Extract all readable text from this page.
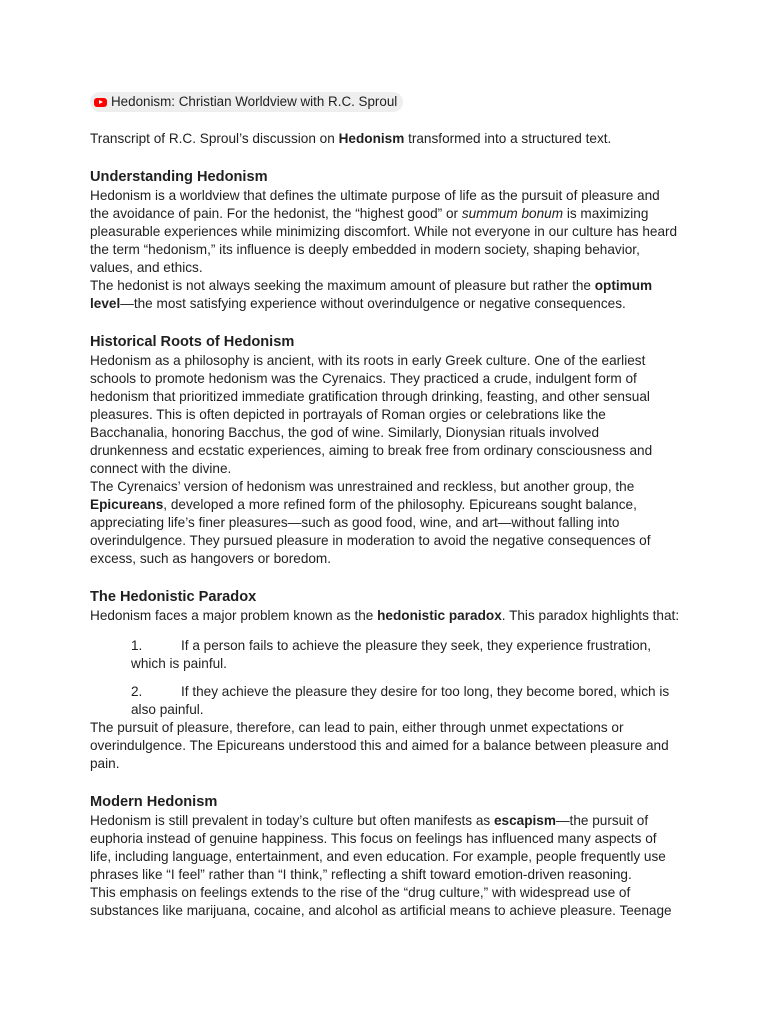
Hedonism: Christian Worldview with R.C. Sproul

Transcript of R.C. Sproul’s discussion on Hedonism transformed into a structured text.

Understanding Hedonism

Hedonism is a worldview that defines the ultimate purpose of life as the pursuit of pleasure and the avoidance of pain. For the hedonist, the “highest good” or summum bonum is maximizing pleasurable experiences while minimizing discomfort. While not everyone in our culture has heard the term “hedonism,” its influence is deeply embedded in modern society, shaping behavior, values, and ethics.

The hedonist is not always seeking the maximum amount of pleasure but rather the optimum level—the most satisfying experience without overindulgence or negative consequences.

Historical Roots of Hedonism

Hedonism as a philosophy is ancient, with its roots in early Greek culture. One of the earliest schools to promote hedonism was the Cyrenaics. They practiced a crude, indulgent form of hedonism that prioritized immediate gratification through drinking, feasting, and other sensual pleasures. This is often depicted in portrayals of Roman orgies or celebrations like the Bacchanalia, honoring Bacchus, the god of wine. Similarly, Dionysian rituals involved drunkenness and ecstatic experiences, aiming to break free from ordinary consciousness and connect with the divine.

The Cyrenaics’ version of hedonism was unrestrained and reckless, but another group, the Epicureans, developed a more refined form of the philosophy. Epicureans sought balance, appreciating life’s finer pleasures—such as good food, wine, and art—without falling into overindulgence. They pursued pleasure in moderation to avoid the negative consequences of excess, such as hangovers or boredom.

The Hedonistic Paradox

Hedonism faces a major problem known as the hedonistic paradox. This paradox highlights that:

1.	If a person fails to achieve the pleasure they seek, they experience frustration, which is painful.
2.	If they achieve the pleasure they desire for too long, they become bored, which is also painful.

The pursuit of pleasure, therefore, can lead to pain, either through unmet expectations or overindulgence. The Epicureans understood this and aimed for a balance between pleasure and pain.

Modern Hedonism

Hedonism is still prevalent in today’s culture but often manifests as escapism—the pursuit of euphoria instead of genuine happiness. This focus on feelings has influenced many aspects of life, including language, entertainment, and even education. For example, people frequently use phrases like “I feel” rather than “I think,” reflecting a shift toward emotion-driven reasoning.

This emphasis on feelings extends to the rise of the “drug culture,” with widespread use of substances like marijuana, cocaine, and alcohol as artificial means to achieve pleasure. Teenage
